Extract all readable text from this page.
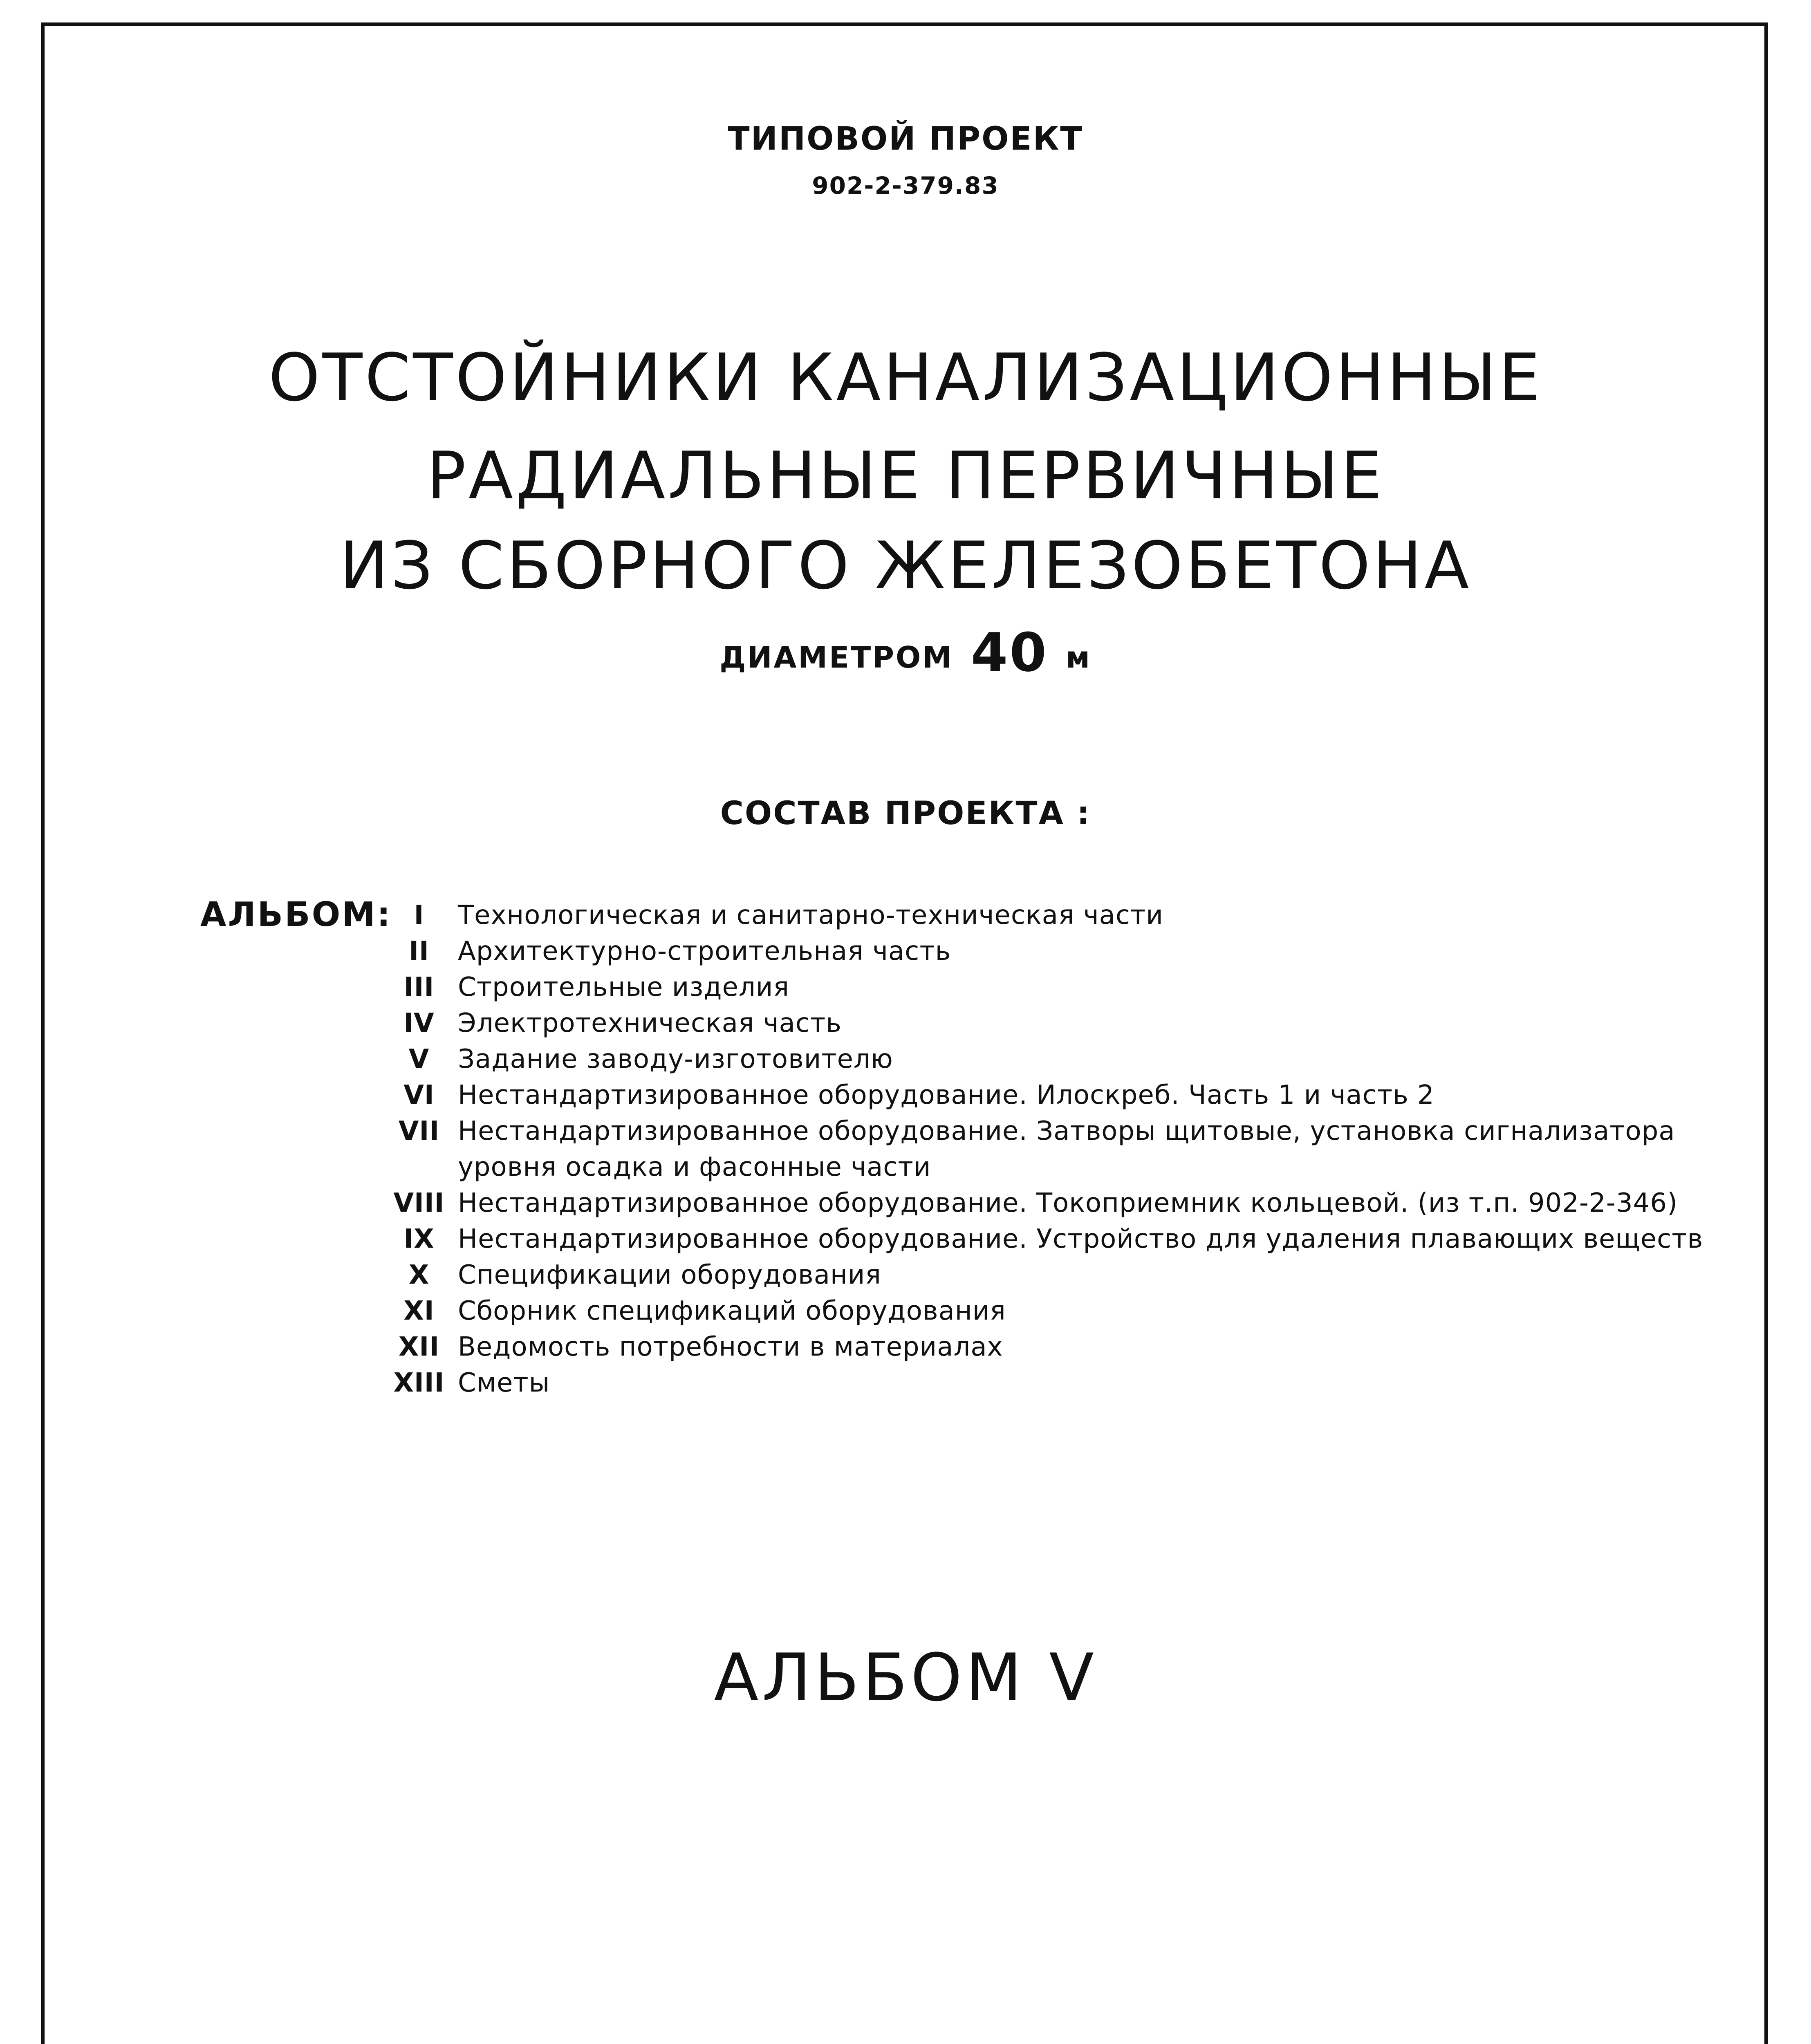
ТИПОВОЙ ПРОЕКТ
902-2-379.83
ОТСТОЙНИКИ КАНАЛИЗАЦИОННЫЕ
РАДИАЛЬНЫЕ ПЕРВИЧНЫЕ
ИЗ СБОРНОГО ЖЕЛЕЗОБЕТОНА
ДИАМЕТРОМ 40 м
СОСТАВ ПРОЕКТА :
АЛЬБОМ: I	Технологическая и санитарно-техническая части
II	Архитектурно-строительная часть
III Строительные изделия
IV Электротехническая часть
V	Задание заводу-изготовителю
VI Нестандартизированное оборудование. Илоскреб. Часть 1 и часть 2
VII Нестандартизированное оборудование. Затворы щитовые, установка сигнализатора уровня осадка и фасонные части
VIII Нестандартизированное оборудование. Токоприемник кольцевой. (из т.п. 902-2-346)
IX Нестандартизированное оборудование. Устройство для удаления плавающих веществ
X	Спецификации оборудования
XI Сборник спецификаций оборудования
XII Ведомость потребности в материалах
XIII Сметы
АЛЬБОМ V
